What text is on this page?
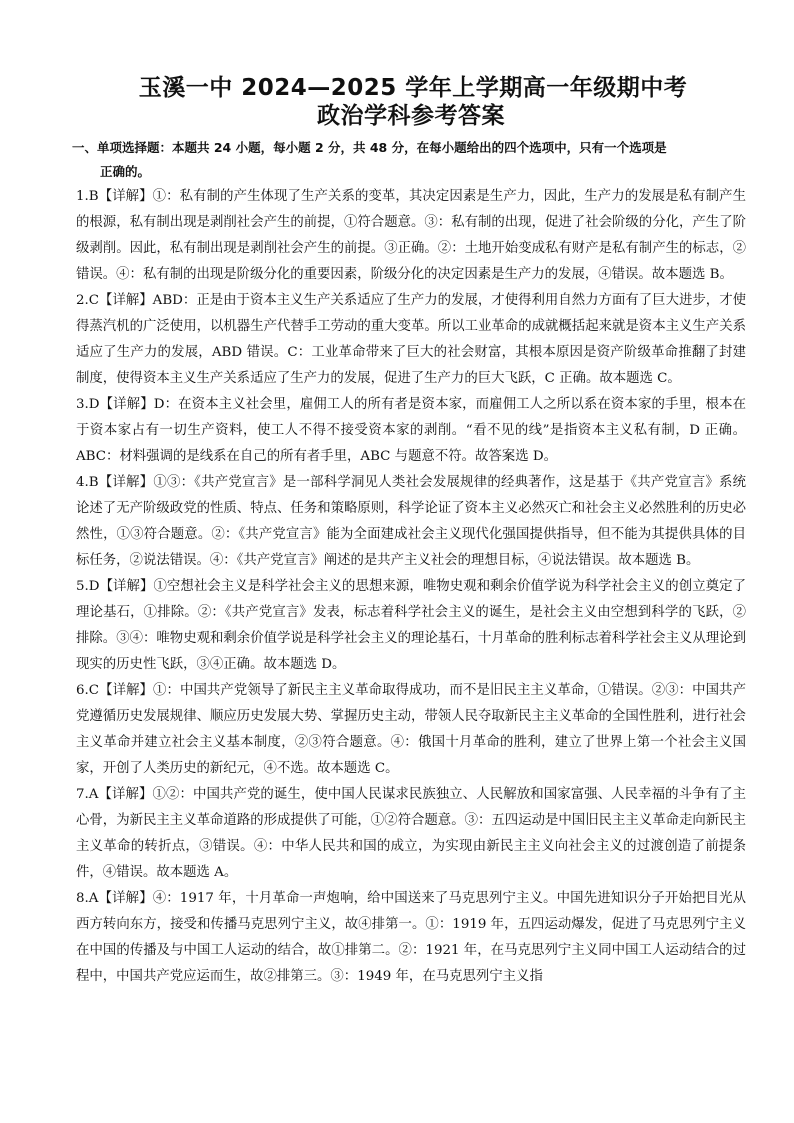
玉溪一中 2024—2025 学年上学期高一年级期中考
政治学科参考答案
一、单项选择题：本题共 24 小题，每小题 2 分，共 48 分，在每小题给出的四个选项中，只有一个选项是
正确的。

1.B【详解】①：私有制的产生体现了生产关系的变革，其决定因素是生产力，因此，生产力的发展是私有制产生的根源，私有制出现是剥削社会产生的前提，①符合题意。③：私有制的出现，促进了社会阶级的分化，产生了阶级剥削。因此，私有制出现是剥削社会产生的前提。③正确。②：土地开始变成私有财产是私有制产生的标志，②错误。④：私有制的出现是阶级分化的重要因素，阶级分化的决定因素是生产力的发展，④错误。故本题选 B。

2.C【详解】ABD：正是由于资本主义生产关系适应了生产力的发展，才使得利用自然力方面有了巨大进步，才使得蒸汽机的广泛使用，以机器生产代替手工劳动的重大变革。所以工业革命的成就概括起来就是资本主义生产关系适应了生产力的发展，ABD 错误。C：工业革命带来了巨大的社会财富，其根本原因是资产阶级革命推翻了封建制度，使得资本主义生产关系适应了生产力的发展，促进了生产力的巨大飞跃，C 正确。故本题选 C。

3.D【详解】D：在资本主义社会里，雇佣工人的所有者是资本家，而雇佣工人之所以系在资本家的手里，根本在于资本家占有一切生产资料，使工人不得不接受资本家的剥削。“看不见的线”是指资本主义私有制，D 正确。ABC：材料强调的是线系在自己的所有者手里，ABC 与题意不符。故答案选 D。

4.B【详解】①③：《共产党宣言》是一部科学洞见人类社会发展规律的经典著作，这是基于《共产党宣言》系统论述了无产阶级政党的性质、特点、任务和策略原则，科学论证了资本主义必然灭亡和社会主义必然胜利的历史必然性，①③符合题意。②：《共产党宣言》能为全面建成社会主义现代化强国提供指导，但不能为其提供具体的目标任务，②说法错误。④：《共产党宣言》阐述的是共产主义社会的理想目标，④说法错误。故本题选 B。

5.D【详解】①空想社会主义是科学社会主义的思想来源，唯物史观和剩余价值学说为科学社会主义的创立奠定了理论基石，①排除。②：《共产党宣言》发表，标志着科学社会主义的诞生，是社会主义由空想到科学的飞跃，②排除。③④：唯物史观和剩余价值学说是科学社会主义的理论基石，十月革命的胜利标志着科学社会主义从理论到现实的历史性飞跃，③④正确。故本题选 D。

6.C【详解】①：中国共产党领导了新民主主义革命取得成功，而不是旧民主主义革命，①错误。②③：中国共产党遵循历史发展规律、顺应历史发展大势、掌握历史主动，带领人民夺取新民主主义革命的全国性胜利，进行社会主义革命并建立社会主义基本制度，②③符合题意。④：俄国十月革命的胜利，建立了世界上第一个社会主义国家，开创了人类历史的新纪元，④不选。故本题选 C。

7.A【详解】①②：中国共产党的诞生，使中国人民谋求民族独立、人民解放和国家富强、人民幸福的斗争有了主心骨，为新民主主义革命道路的形成提供了可能，①②符合题意。③：五四运动是中国旧民主主义革命走向新民主主义革命的转折点，③错误。④：中华人民共和国的成立，为实现由新民主主义向社会主义的过渡创造了前提条件，④错误。故本题选 A。

8.A【详解】④：1917 年，十月革命一声炮响，给中国送来了马克思列宁主义。中国先进知识分子开始把目光从西方转向东方，接受和传播马克思列宁主义，故④排第一。①：1919 年，五四运动爆发，促进了马克思列宁主义在中国的传播及与中国工人运动的结合，故①排第二。②：1921 年，在马克思列宁主义同中国工人运动结合的过程中，中国共产党应运而生，故②排第三。③：1949 年，在马克思列宁主义指
